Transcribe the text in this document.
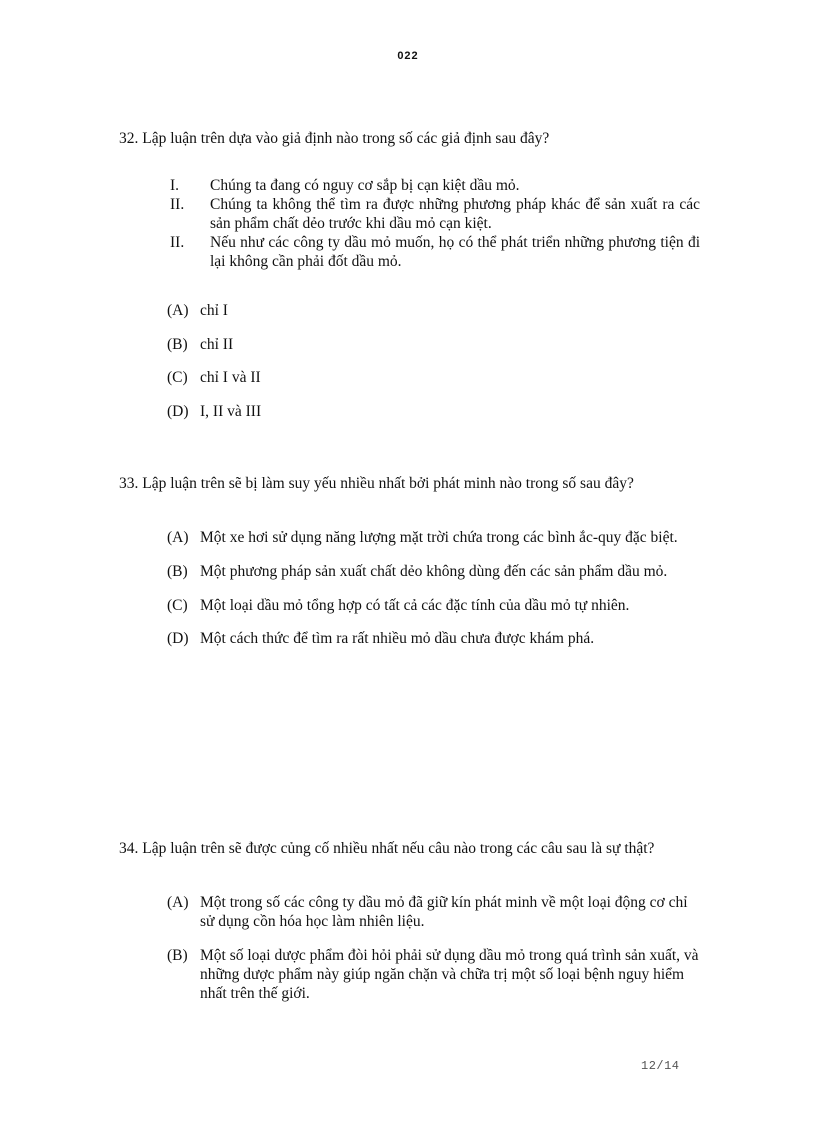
022
32. Lập luận trên dựa vào giả định nào trong số các giả định sau đây?
I.	Chúng ta đang có nguy cơ sắp bị cạn kiệt dầu mỏ.
II.	Chúng ta không thể tìm ra được những phương pháp khác để sản xuất ra các sản phẩm chất dẻo trước khi dầu mỏ cạn kiệt.
II.	Nếu như các công ty dầu mỏ muốn, họ có thể phát triển những phương tiện đi lại không cần phải đốt dầu mỏ.
(A) chỉ I
(B) chỉ II
(C) chỉ I và II
(D) I, II và III
33. Lập luận trên sẽ bị làm suy yếu nhiều nhất bởi phát minh nào trong số sau đây?
(A) Một xe hơi sử dụng năng lượng mặt trời chứa trong các bình ắc-quy đặc biệt.
(B) Một phương pháp sản xuất chất dẻo không dùng đến các sản phẩm dầu mỏ.
(C) Một loại dầu mỏ tổng hợp có tất cả các đặc tính của dầu mỏ tự nhiên.
(D) Một cách thức để tìm ra rất nhiều mỏ dầu chưa được khám phá.
34. Lập luận trên sẽ được củng cố nhiều nhất nếu câu nào trong các câu sau là sự thật?
(A) Một trong số các công ty dầu mỏ đã giữ kín phát minh về một loại động cơ chỉ sử dụng cồn hóa học làm nhiên liệu.
(B) Một số loại dược phẩm đòi hỏi phải sử dụng dầu mỏ trong quá trình sản xuất, và những dược phẩm này giúp ngăn chặn và chữa trị một số loại bệnh nguy hiểm nhất trên thế giới.
12/14
